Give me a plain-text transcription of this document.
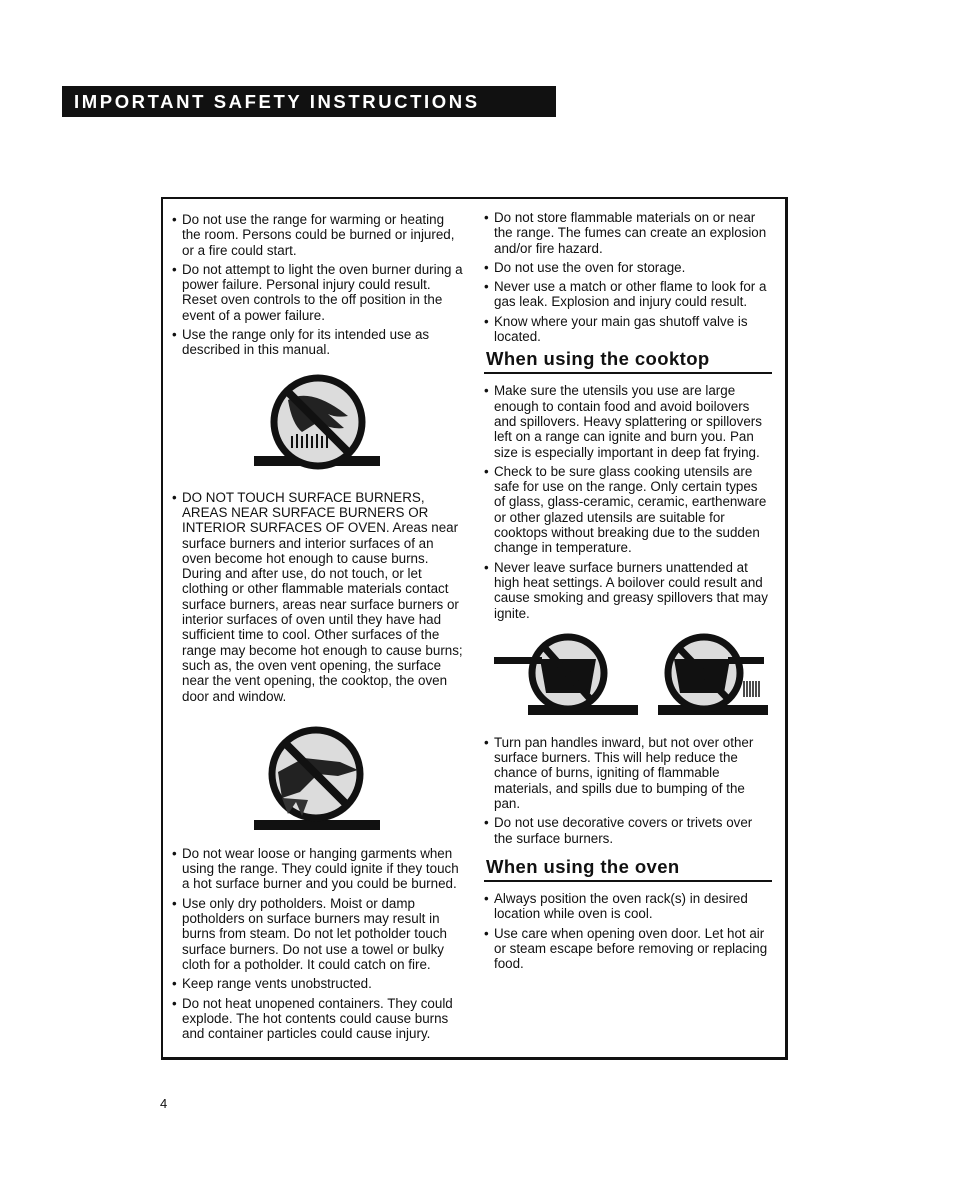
IMPORTANT SAFETY INSTRUCTIONS
• Do not use the range for warming or heating the room. Persons could be burned or injured, or a fire could start.
• Do not attempt to light the oven burner during a power failure. Personal injury could result. Reset oven controls to the off position in the event of a power failure.
• Use the range only for its intended use as described in this manual.
• DO NOT TOUCH SURFACE BURNERS, AREAS NEAR SURFACE BURNERS OR INTERIOR SURFACES OF OVEN. Areas near surface burners and interior surfaces of an oven become hot enough to cause burns. During and after use, do not touch, or let clothing or other flammable materials contact surface burners, areas near surface burners or interior surfaces of oven until they have had sufficient time to cool. Other surfaces of the range may become hot enough to cause burns; such as, the oven vent opening, the surface near the vent opening, the cooktop, the oven door and window.
• Do not wear loose or hanging garments when using the range. They could ignite if they touch a hot surface burner and you could be burned.
• Use only dry potholders. Moist or damp potholders on surface burners may result in burns from steam. Do not let potholder touch surface burners. Do not use a towel or bulky cloth for a potholder. It could catch on fire.
• Keep range vents unobstructed.
• Do not heat unopened containers. They could explode. The hot contents could cause burns and container particles could cause injury.
• Do not store flammable materials on or near the range. The fumes can create an explosion and/or fire hazard.
• Do not use the oven for storage.
• Never use a match or other flame to look for a gas leak. Explosion and injury could result.
• Know where your main gas shutoff valve is located.
When using the cooktop
• Make sure the utensils you use are large enough to contain food and avoid boilovers and spillovers. Heavy splattering or spillovers left on a range can ignite and burn you. Pan size is especially important in deep fat frying.
• Check to be sure glass cooking utensils are safe for use on the range. Only certain types of glass, glass-ceramic, ceramic, earthenware or other glazed utensils are suitable for cooktops without breaking due to the sudden change in temperature.
• Never leave surface burners unattended at high heat settings. A boilover could result and cause smoking and greasy spillovers that may ignite.
• Turn pan handles inward, but not over other surface burners. This will help reduce the chance of burns, igniting of flammable materials, and spills due to bumping of the pan.
• Do not use decorative covers or trivets over the surface burners.
When using the oven
• Always position the oven rack(s) in desired location while oven is cool.
• Use care when opening oven door. Let hot air or steam escape before removing or replacing food.
4
